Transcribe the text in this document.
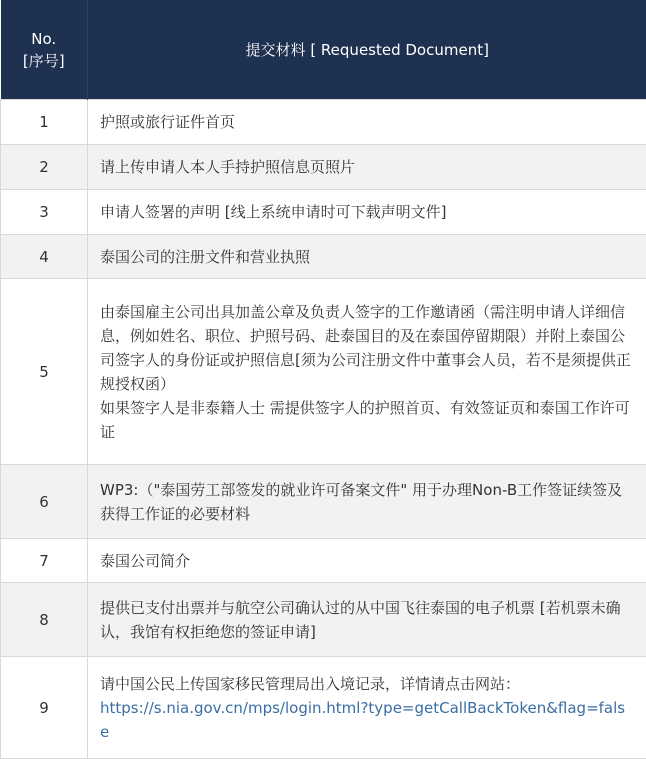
No.
[序号]	提交材料 [ Requested Document]
1	护照或旅行证件首页
2	请上传申请人本人手持护照信息页照片
3	申请人签署的声明 [线上系统申请时可下载声明文件]
4	泰国公司的注册文件和营业执照
5	由泰国雇主公司出具加盖公章及负责人签字的工作邀请函（需注明申请人详细信息，例如姓名、职位、护照号码、赴泰国目的及在泰国停留期限）并附上泰国公司签字人的身份证或护照信息[须为公司注册文件中董事会人员，若不是须提供正规授权函）
如果签字人是非泰籍人士 需提供签字人的护照首页、有效签证页和泰国工作许可证

6	WP3:（"泰国劳工部签发的就业许可备案文件" 用于办理Non-B工作签证续签及获得工作证的必要材料
7	泰国公司简介
8	提供已支付出票并与航空公司确认过的从中国飞往泰国的电子机票 [若机票未确认，我馆有权拒绝您的签证申请]
9	请中国公民上传国家移民管理局出入境记录，详情请点击网站：
https://s.nia.gov.cn/mps/login.html?type=getCallBackToken&flag=false
